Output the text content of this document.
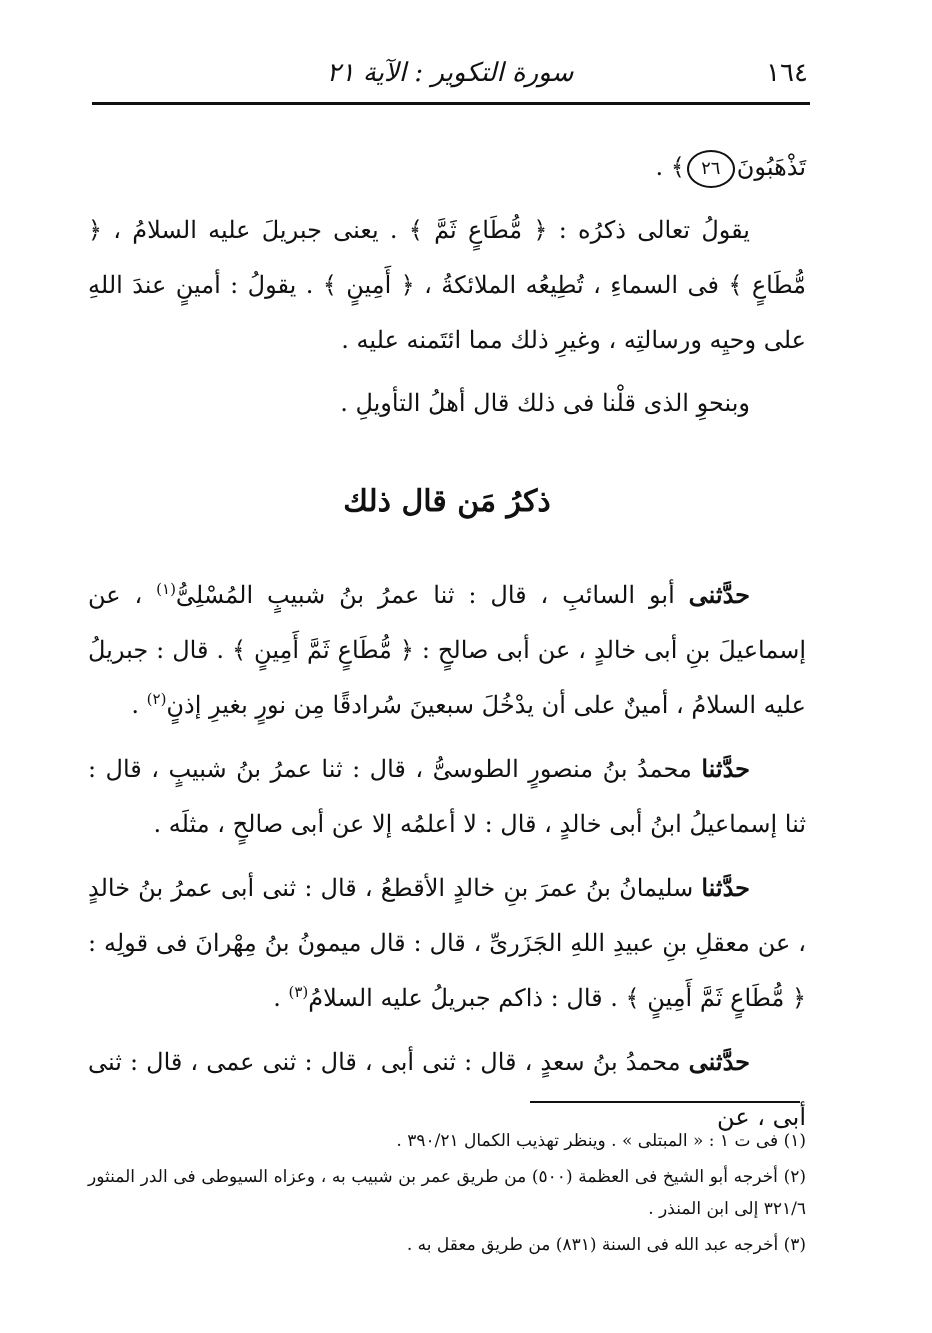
١٦٤
سورة التكوير : الآية ٢١

تَذْهَبُونَ٢٦﴾ .

يقولُ تعالى ذكرُه : ﴿ مُّطَاعٍ ثَمَّ ﴾ . يعنى جبريلَ عليه السلامُ ، ﴿ مُّطَاعٍ ﴾ فى السماءِ ، تُطِيعُه الملائكةُ ، ﴿ أَمِينٍ ﴾ . يقولُ : أمينٍ عندَ اللهِ على وحيِه ورسالتِه ، وغيرِ ذلك مما ائتَمنه عليه .

وبنحوِ الذى قلْنا فى ذلك قال أهلُ التأويلِ .

ذكرُ مَن قال ذلك

حدَّثنى أبو السائبِ ، قال : ثنا عمرُ بنُ شبيبٍ المُسْلِىُّ$^{(١)}$ ، عن إسماعيلَ بنِ أبى خالدٍ ، عن أبى صالحٍ : ﴿ مُّطَاعٍ ثَمَّ أَمِينٍ ﴾ . قال : جبريلُ عليه السلامُ ، أمينٌ على أن يدْخُلَ سبعينَ سُرادقًا مِن نورٍ بغيرِ إذنٍ$^{(٢)}$ .

حدَّثنا محمدُ بنُ منصورٍ الطوسىُّ ، قال : ثنا عمرُ بنُ شبيبٍ ، قال : ثنا إسماعيلُ ابنُ أبى خالدٍ ، قال : لا أعلمُه إلا عن أبى صالحٍ ، مثلَه .

حدَّثنا سليمانُ بنُ عمرَ بنِ خالدٍ الأقطعُ ، قال : ثنى أبى عمرُ بنُ خالدٍ ، عن معقلِ بنِ عبيدِ اللهِ الجَزَرىِّ ، قال : قال ميمونُ بنُ مِهْرانَ فى قولِه : ﴿ مُّطَاعٍ ثَمَّ أَمِينٍ ﴾ . قال : ذاكم جبريلُ عليه السلامُ$^{(٣)}$ .

حدَّثنى محمدُ بنُ سعدٍ ، قال : ثنى أبى ، قال : ثنى عمى ، قال : ثنى أبى ، عن

(١) فى ت ١ : « المبتلى » . وينظر تهذيب الكمال ٣٩٠/٢١ .

(٢) أخرجه أبو الشيخ فى العظمة (٥٠٠) من طريق عمر بن شبيب به ، وعزاه السيوطى فى الدر المنثور ٣٢١/٦ إلى ابن المنذر .

(٣) أخرجه عبد الله فى السنة (٨٣١) من طريق معقل به .
